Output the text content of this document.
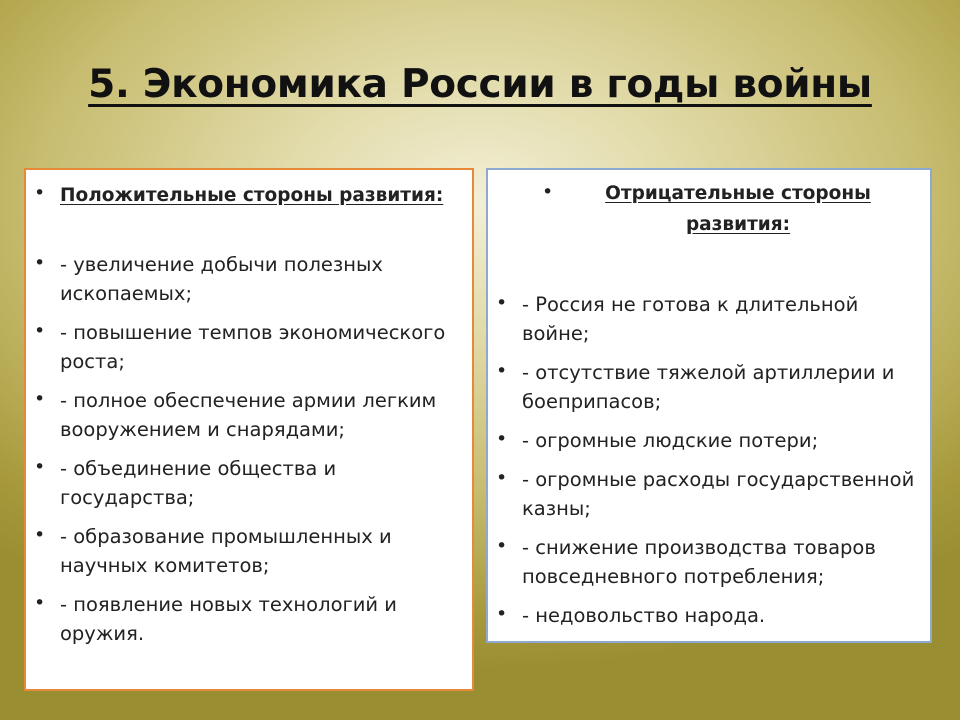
5. Экономика России в годы войны
• Положительные стороны развития:
• - увеличение добычи полезных ископаемых;
• - повышение темпов экономического роста;
• - полное обеспечение армии легким вооружением и снарядами;
• - объединение общества и государства;
• - образование промышленных и научных комитетов;
• - появление новых технологий и оружия.
•	Отрицательные стороны развития:
• - Россия не готова к длительной войне;
• - отсутствие тяжелой артиллерии и боеприпасов;
• - огромные людские потери;
• - огромные расходы государственной казны;
• - снижение производства товаров повседневного потребления;
• - недовольство народа.
